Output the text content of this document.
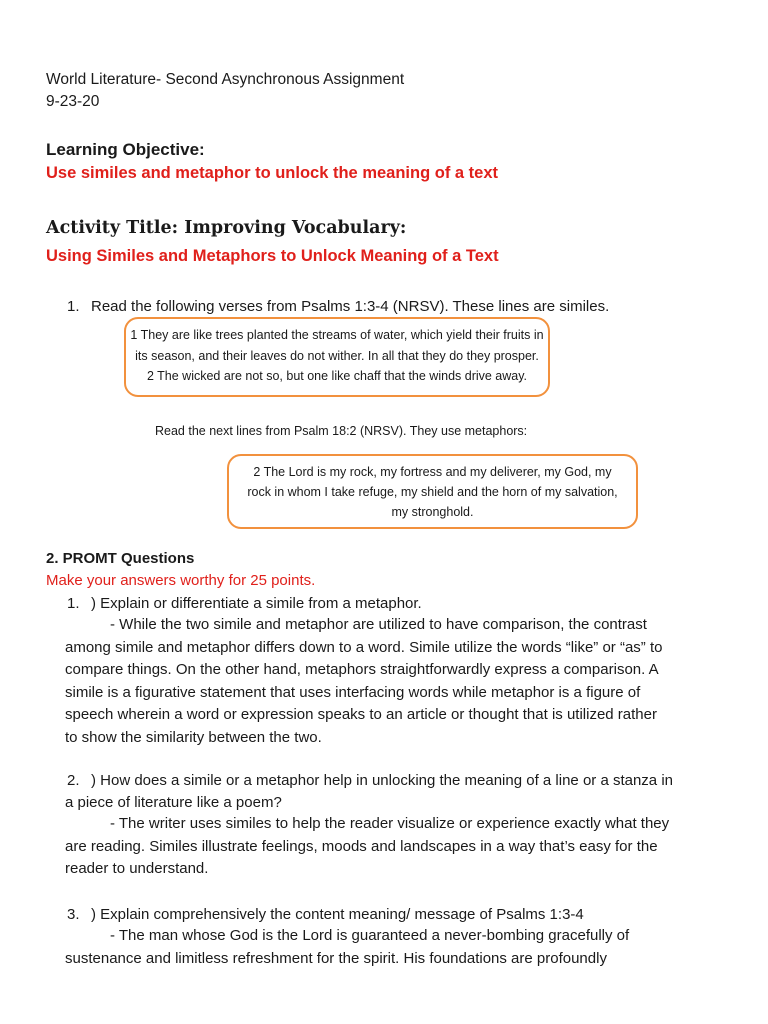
World Literature- Second Asynchronous Assignment
9-23-20
Learning Objective:
Use similes and metaphor to unlock the meaning of a text
Activity Title: Improving Vocabulary:
Using Similes and Metaphors to Unlock Meaning of a Text
1. Read the following verses from Psalms 1:3-4 (NRSV). These lines are similes.
1 They are like trees planted the streams of water, which yield their fruits in
its season, and their leaves do not wither. In all that they do they prosper.
2 The wicked are not so, but one like chaff that the winds drive away.
Read the next lines from Psalm 18:2 (NRSV). They use metaphors:
2 The Lord is my rock, my fortress and my deliverer, my God, my
rock in whom I take refuge, my shield and the horn of my salvation,
my stronghold.
2. PROMT Questions
Make your answers worthy for 25 points.
1. ) Explain or differentiate a simile from a metaphor.
- While the two simile and metaphor are utilized to have comparison, the contrast
among simile and metaphor differs down to a word. Simile utilize the words “like” or “as” to
compare things. On the other hand, metaphors straightforwardly express a comparison. A
simile is a figurative statement that uses interfacing words while metaphor is a figure of
speech wherein a word or expression speaks to an article or thought that is utilized rather
to show the similarity between the two.
2. ) How does a simile or a metaphor help in unlocking the meaning of a line or a stanza in
a piece of literature like a poem?
- The writer uses similes to help the reader visualize or experience exactly what they
are reading. Similes illustrate feelings, moods and landscapes in a way that’s easy for the
reader to understand.
3. ) Explain comprehensively the content meaning/ message of Psalms 1:3-4
- The man whose God is the Lord is guaranteed a never-bombing gracefully of
sustenance and limitless refreshment for the spirit. His foundations are profoundly
